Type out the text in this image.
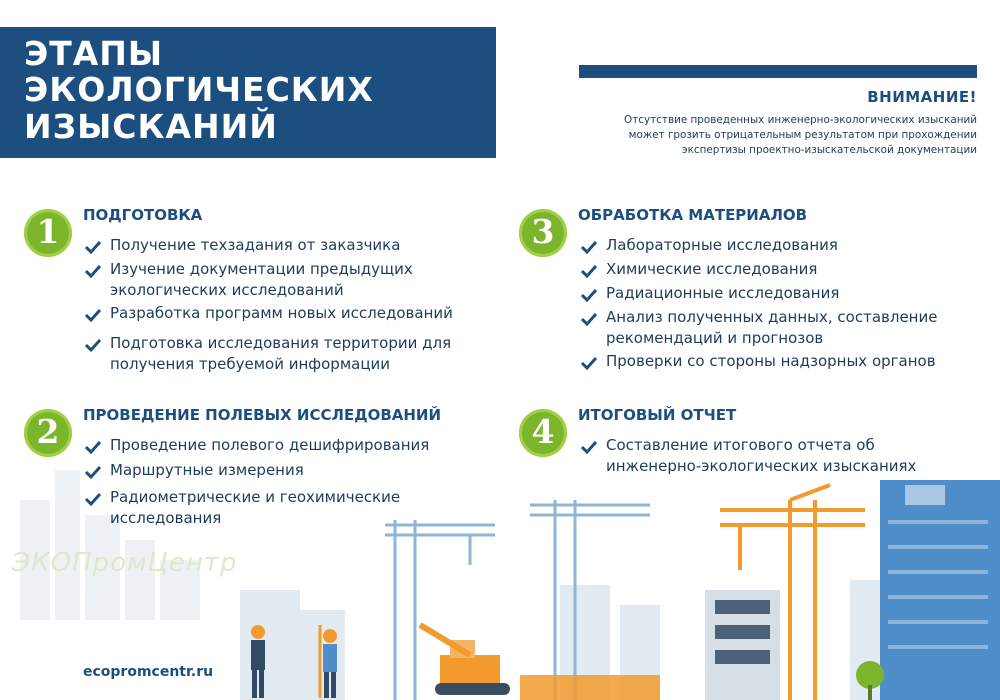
ЭТАПЫ
ЭКОЛОГИЧЕСКИХ
ИЗЫСКАНИЙ
ВНИМАНИЕ!
Отсутствие проведенных инженерно-экологических изысканий
может грозить отрицательным результатом при прохождении
экспертизы проектно-изыскательской документации
ЭКОПромЦентр
ecopromcentr.ru
1	ПОДГОТОВКА
Получение техзадания от заказчика
Изучение документации предыдущих
экологических исследований
Разработка программ новых исследований
Подготовка исследования территории для
получения требуемой информации
2	ПРОВЕДЕНИЕ ПОЛЕВЫХ ИССЛЕДОВАНИЙ
Проведение полевого дешифрирования
Маршрутные измерения
Радиометрические и геохимические
исследования
3	ОБРАБОТКА МАТЕРИАЛОВ
Лабораторные исследования
Химические исследования
Радиационные исследования
Анализ полученных данных, составление
рекомендаций и прогнозов
Проверки со стороны надзорных органов
4	ИТОГОВЫЙ ОТЧЕТ
Составление итогового отчета об
инженерно-экологических изысканиях
